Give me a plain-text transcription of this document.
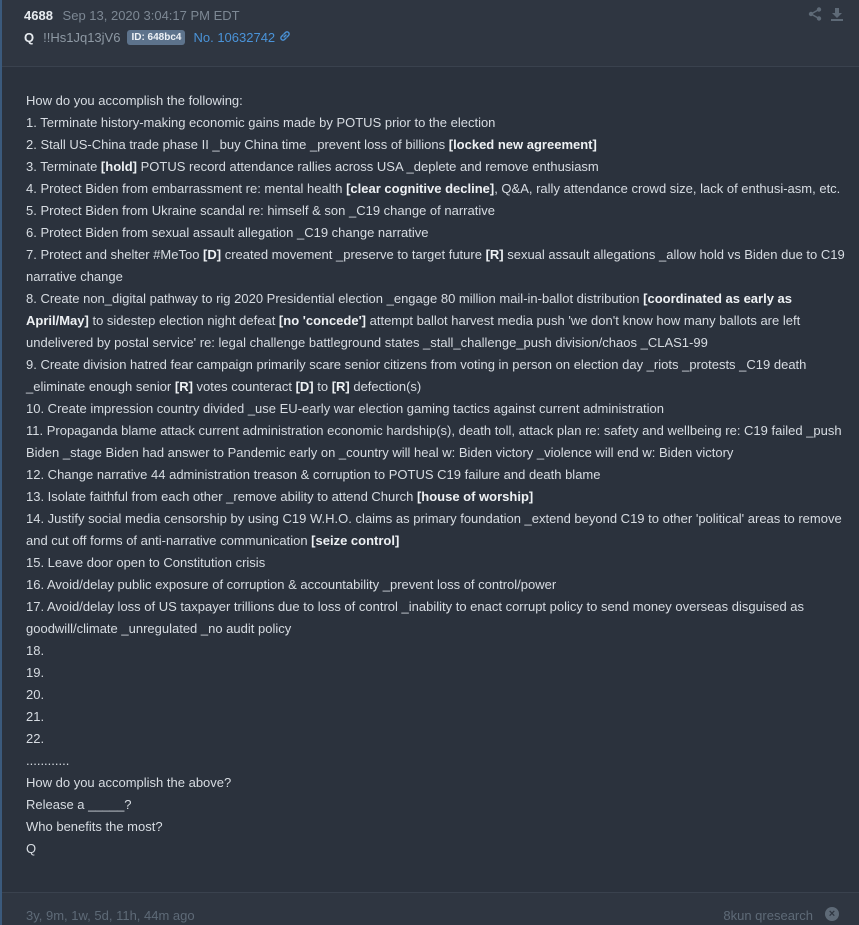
4688 Sep 13, 2020 3:04:17 PM EDT
Q !!Hs1Jq13jV6	ID: 648bc4 No. 10632742

How do you accomplish the following:

1. Terminate history-making economic gains made by POTUS prior to the election

2. Stall US-China trade phase II _buy China time _prevent loss of billions [locked new agreement]

3. Terminate [hold] POTUS record attendance rallies across USA _deplete and remove enthusiasm

4. Protect Biden from embarrassment re: mental health [clear cognitive decline], Q&A, rally attendance crowd size, lack of enthusi-asm, etc.

5. Protect Biden from Ukraine scandal re: himself & son _C19 change of narrative

6. Protect Biden from sexual assault allegation _C19 change narrative

7. Protect and shelter #MeToo [D] created movement _preserve to target future [R] sexual assault allegations _allow hold vs Biden due to C19 narrative change

8. Create non_digital pathway to rig 2020 Presidential election _engage 80 million mail-in-ballot distribution [coordinated as early as April/May] to sidestep election night defeat [no 'concede'] attempt ballot harvest media push 'we don't know how many ballots are left undelivered by postal service' re: legal challenge battleground states _stall_challenge_push division/chaos _CLAS1-99

9. Create division hatred fear campaign primarily scare senior citizens from voting in person on election day _riots _protests _C19 death _eliminate enough senior [R] votes counteract [D] to [R] defection(s)

10. Create impression country divided _use EU-early war election gaming tactics against current administration

11. Propaganda blame attack current administration economic hardship(s), death toll, attack plan re: safety and wellbeing re: C19 failed _push Biden _stage Biden had answer to Pandemic early on _country will heal w: Biden victory _violence will end w: Biden victory

12. Change narrative 44 administration treason & corruption to POTUS C19 failure and death blame

13. Isolate faithful from each other _remove ability to attend Church [house of worship]

14. Justify social media censorship by using C19 W.H.O. claims as primary foundation _extend beyond C19 to other 'political' areas to remove and cut off forms of anti-narrative communication [seize control]

15. Leave door open to Constitution crisis

16. Avoid/delay public exposure of corruption & accountability _prevent loss of control/power

17. Avoid/delay loss of US taxpayer trillions due to loss of control _inability to enact corrupt policy to send money overseas disguised as goodwill/climate _unregulated _no audit policy

18.

19.

20.

21.

22.

............

How do you accomplish the above?

Release a _____?

Who benefits the most?

Q

3y, 9m, 1w, 5d, 11h, 44m ago	8kun qresearch	×
